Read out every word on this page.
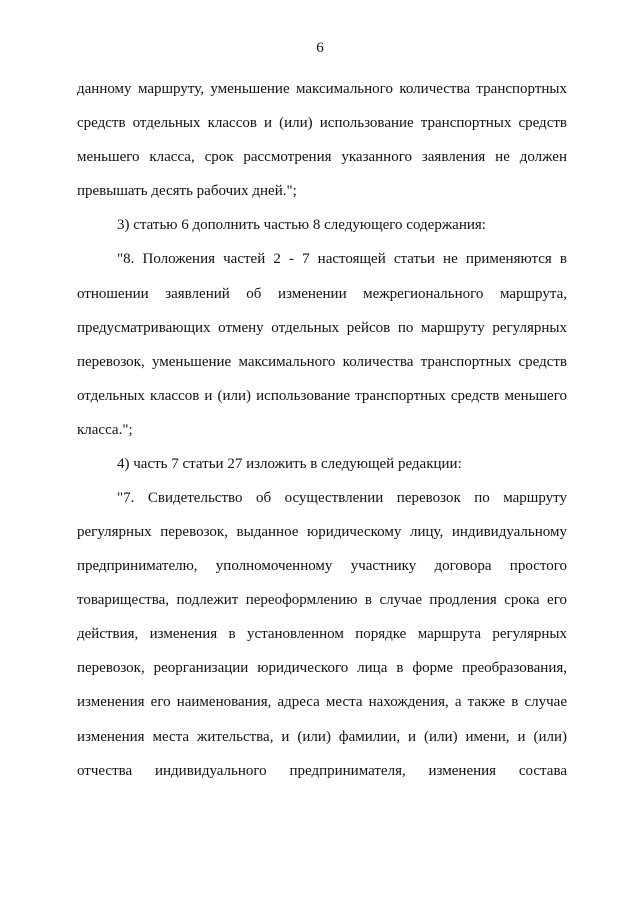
6
данному маршруту, уменьшение максимального количества транспортных
средств отдельных классов и (или) использование транспортных средств
меньшего класса, срок рассмотрения указанного заявления не должен
превышать десять рабочих дней.";
3) статью 6 дополнить частью 8 следующего содержания:
"8. Положения частей 2 - 7 настоящей статьи не применяются в
отношении заявлений об изменении межрегионального маршрута,
предусматривающих отмену отдельных рейсов по маршруту регулярных
перевозок, уменьшение максимального количества транспортных средств
отдельных классов и (или) использование транспортных средств меньшего
класса.";
4) часть 7 статьи 27 изложить в следующей редакции:
"7. Свидетельство об осуществлении перевозок по маршруту
регулярных перевозок, выданное юридическому лицу, индивидуальному
предпринимателю, уполномоченному участнику договора простого
товарищества, подлежит переоформлению в случае продления срока его
действия, изменения в установленном порядке маршрута регулярных
перевозок, реорганизации юридического лица в форме преобразования,
изменения его наименования, адреса места нахождения, а также в случае
изменения места жительства, и (или) фамилии, и (или) имени, и (или)
отчества индивидуального предпринимателя, изменения состава
